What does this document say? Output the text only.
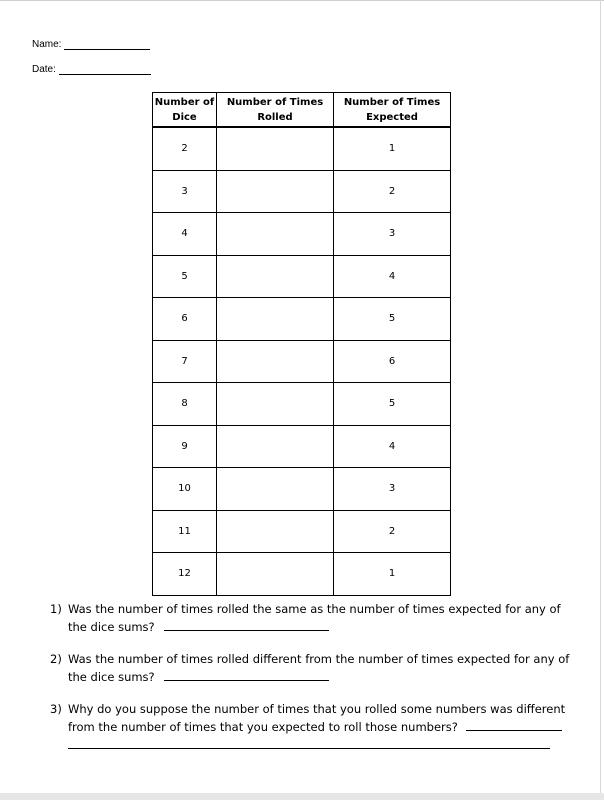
Name:
Date:
Number of Dice	Number of Times Rolled	Number of Times Expected
2		1
3		2
4		3
5		4
6		5
7		6
8		5
9		4
10		3
11		2
12		1
1) Was the number of times rolled the same as the number of times expected for any of the dice sums?
2) Was the number of times rolled different from the number of times expected for any of the dice sums?
3) Why do you suppose the number of times that you rolled some numbers was different from the number of times that you expected to roll those numbers?
